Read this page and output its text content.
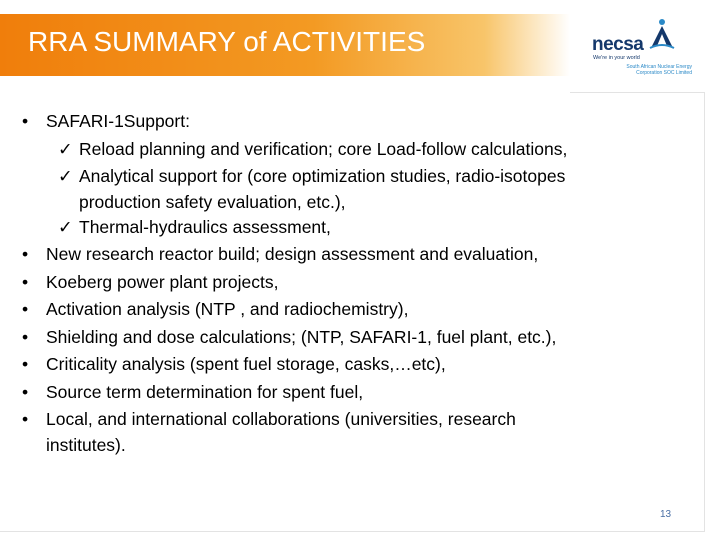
RRA SUMMARY of ACTIVITIES	necsa
We're in your world
South African Nuclear Energy
Corporation SOC Limited
• SAFARI-1Support:
✓ Reload planning and verification; core Load-follow calculations,
✓ Analytical support for (core optimization studies, radio-isotopes
production safety evaluation, etc.),
✓ Thermal-hydraulics assessment,
• New research reactor build; design assessment and evaluation,
• Koeberg power plant projects,
• Activation analysis (NTP , and radiochemistry),
• Shielding and dose calculations; (NTP, SAFARI-1, fuel plant, etc.),
• Criticality analysis (spent fuel storage, casks,…etc),
• Source term determination for spent fuel,
• Local, and international collaborations (universities, research
institutes).
13
